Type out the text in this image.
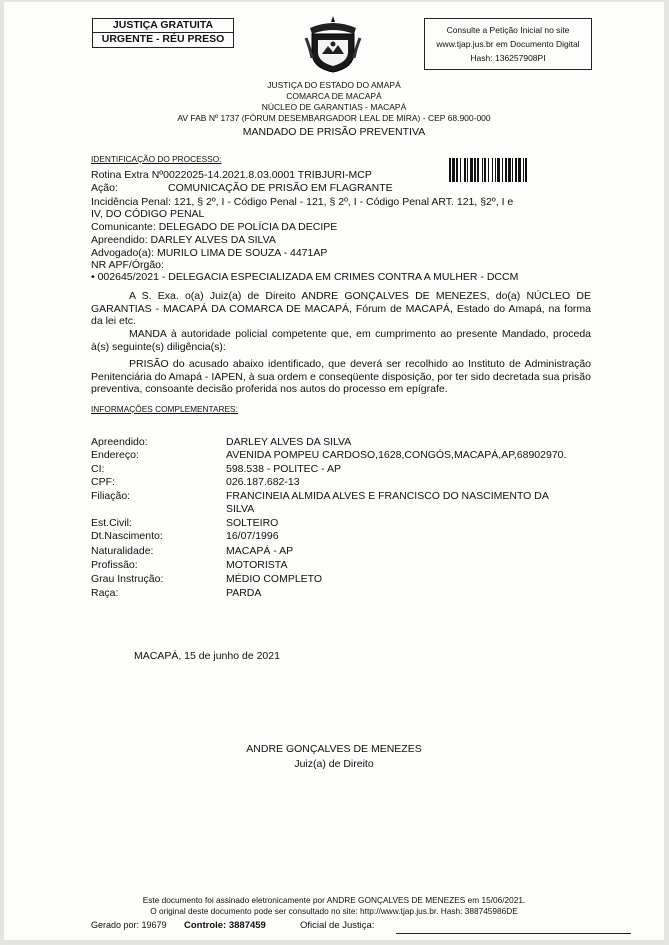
JUSTIÇA GRATUITA
URGENTE - RÉU PRESO
Consulte a Petição Inicial no site
www.tjap.jus.br em Documento Digital
Hash: 136257908PI
JUSTIÇA DO ESTADO DO AMAPÁ
COMARCA DE MACAPÁ
NÚCLEO DE GARANTIAS - MACAPÁ
AV FAB Nº 1737 (FÓRUM DESEMBARGADOR LEAL DE MIRA) - CEP 68.900-000
MANDADO DE PRISÃO PREVENTIVA
IDENTIFICAÇÃO DO PROCESSO:
Rotina Extra Nº0022025-14.2021.8.03.0001 TRIBJURI-MCP
Ação:	COMUNICAÇÃO DE PRISÃO EM FLAGRANTE
Incidência Penal: 121, § 2º, I - Código Penal - 121, § 2º, I - Código Penal ART. 121, §2º, I e
IV, DO CÓDIGO PENAL
Comunicante: DELEGADO DE POLÍCIA DA DECIPE
Apreendido: DARLEY ALVES DA SILVA
Advogado(a): MURILO LIMA DE SOUZA - 4471AP
NR APF/Órgão:
• 002645/2021 - DELEGACIA ESPECIALIZADA EM CRIMES CONTRA A MULHER - DCCM
A S. Exa. o(a) Juiz(a) de Direito ANDRE GONÇALVES DE MENEZES, do(a) NÚCLEO DE GARANTIAS - MACAPÁ DA COMARCA DE MACAPÁ, Fórum de MACAPÁ, Estado do Amapá, na forma da lei etc.
MANDA à autoridade policial competente que, em cumprimento ao presente Mandado, proceda à(s) seguinte(s) diligência(s):
PRISÃO do acusado abaixo identificado, que deverá ser recolhido ao Instituto de Administração Penitenciária do Amapá - IAPEN, à sua ordem e conseqüente disposição, por ter sido decretada sua prisão preventiva, consoante decisão proferida nos autos do processo em epígrafe.
INFORMAÇÕES COMPLEMENTARES:
Apreendido:	DARLEY ALVES DA SILVA
Endereço:	AVENIDA POMPEU CARDOSO,1628,CONGÓS,MACAPÁ,AP,68902970.
CI:	598.538 - POLITEC - AP
CPF:	026.187.682-13
Filiação:	FRANCINEIA ALMIDA ALVES E FRANCISCO DO NASCIMENTO DA
SILVA
Est.Civil:	SOLTEIRO
Dt.Nascimento:	16/07/1996
Naturalidade:	MACAPÁ - AP
Profissão:	MOTORISTA
Grau Instrução:	MÉDIO COMPLETO
Raça:	PARDA
MACAPÁ, 15 de junho de 2021
ANDRE GONÇALVES DE MENEZES
Juiz(a) de Direito
Este documento foi assinado eletronicamente por ANDRE GONÇALVES DE MENEZES em 15/06/2021.
O original deste documento pode ser consultado no site: http://www.tjap.jus.br. Hash: 388745986DE
Gerado por: 19679 Controle: 3887459	Oficial de Justiça:
